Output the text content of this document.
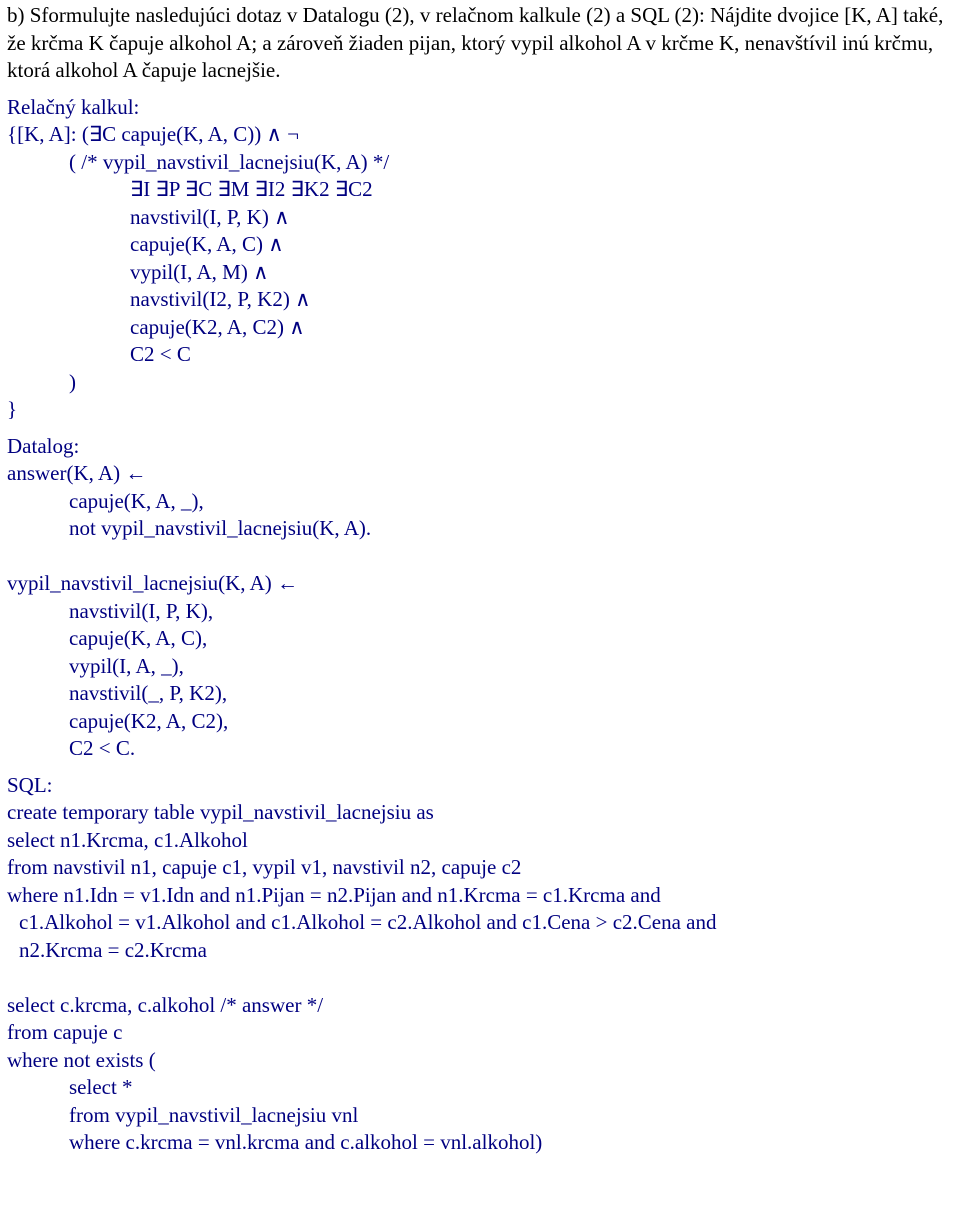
b) Sformulujte nasledujúci dotaz v Datalogu (2), v relačnom kalkule (2) a SQL (2): Nájdite dvojice [K, A] také, že krčma K čapuje alkohol A; a zároveň žiaden pijan, ktorý vypil alkohol A v krčme K, nenavštívil inú krčmu, ktorá alkohol A čapuje lacnejšie.

Relačný kalkul:
{[K, A]: (∃C capuje(K, A, C)) ∧ ¬
( /* vypil_navstivil_lacnejsiu(K, A) */
∃I ∃P ∃C ∃M ∃I2 ∃K2 ∃C2
navstivil(I, P, K) ∧
capuje(K, A, C) ∧
vypil(I, A, M) ∧
navstivil(I2, P, K2) ∧
capuje(K2, A, C2) ∧
C2 < C
)
}
Datalog:
answer(K, A) ←
capuje(K, A, _),
not vypil_navstivil_lacnejsiu(K, A).
vypil_navstivil_lacnejsiu(K, A) ←
navstivil(I, P, K),
capuje(K, A, C),
vypil(I, A, _),
navstivil(_, P, K2),
capuje(K2, A, C2),
C2 < C.
SQL:
create temporary table vypil_navstivil_lacnejsiu as
select n1.Krcma, c1.Alkohol
from navstivil n1, capuje c1, vypil v1, navstivil n2, capuje c2
where n1.Idn = v1.Idn and n1.Pijan = n2.Pijan and n1.Krcma = c1.Krcma and
c1.Alkohol = v1.Alkohol and c1.Alkohol = c2.Alkohol and c1.Cena > c2.Cena and
n2.Krcma = c2.Krcma
select c.krcma, c.alkohol /* answer */
from capuje c
where not exists (
select *
from vypil_navstivil_lacnejsiu vnl
where c.krcma = vnl.krcma and c.alkohol = vnl.alkohol)
